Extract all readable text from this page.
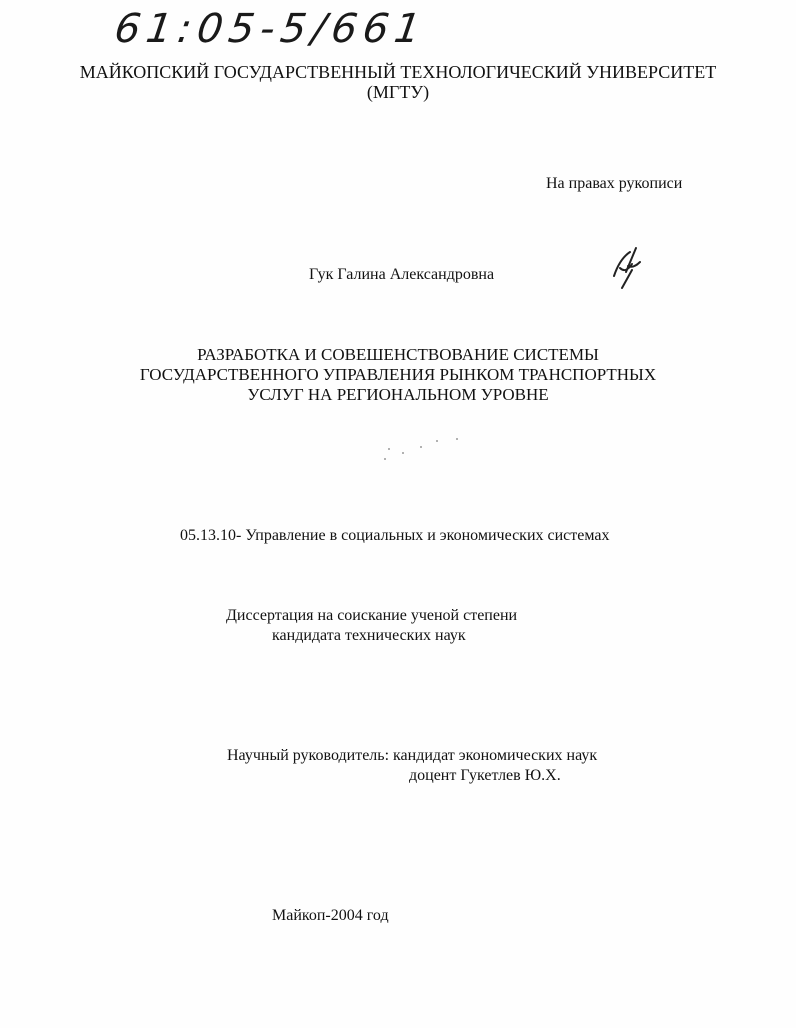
61:05-5/661
МАЙКОПСКИЙ ГОСУДАРСТВЕННЫЙ ТЕХНОЛОГИЧЕСКИЙ УНИВЕРСИТЕТ
(МГТУ)
На правах рукописи
Гук Галина Александровна
РАЗРАБОТКА И СОВЕШЕНСТВОВАНИЕ СИСТЕМЫ
ГОСУДАРСТВЕННОГО УПРАВЛЕНИЯ РЫНКОМ ТРАНСПОРТНЫХ
УСЛУГ НА РЕГИОНАЛЬНОМ УРОВНЕ
05.13.10- Управление в социальных и экономических системах
Диссертация на соискание ученой степени
кандидата технических наук
Научный руководитель: кандидат экономических наук
доцент Гукетлев Ю.Х.
Майкоп-2004 год
